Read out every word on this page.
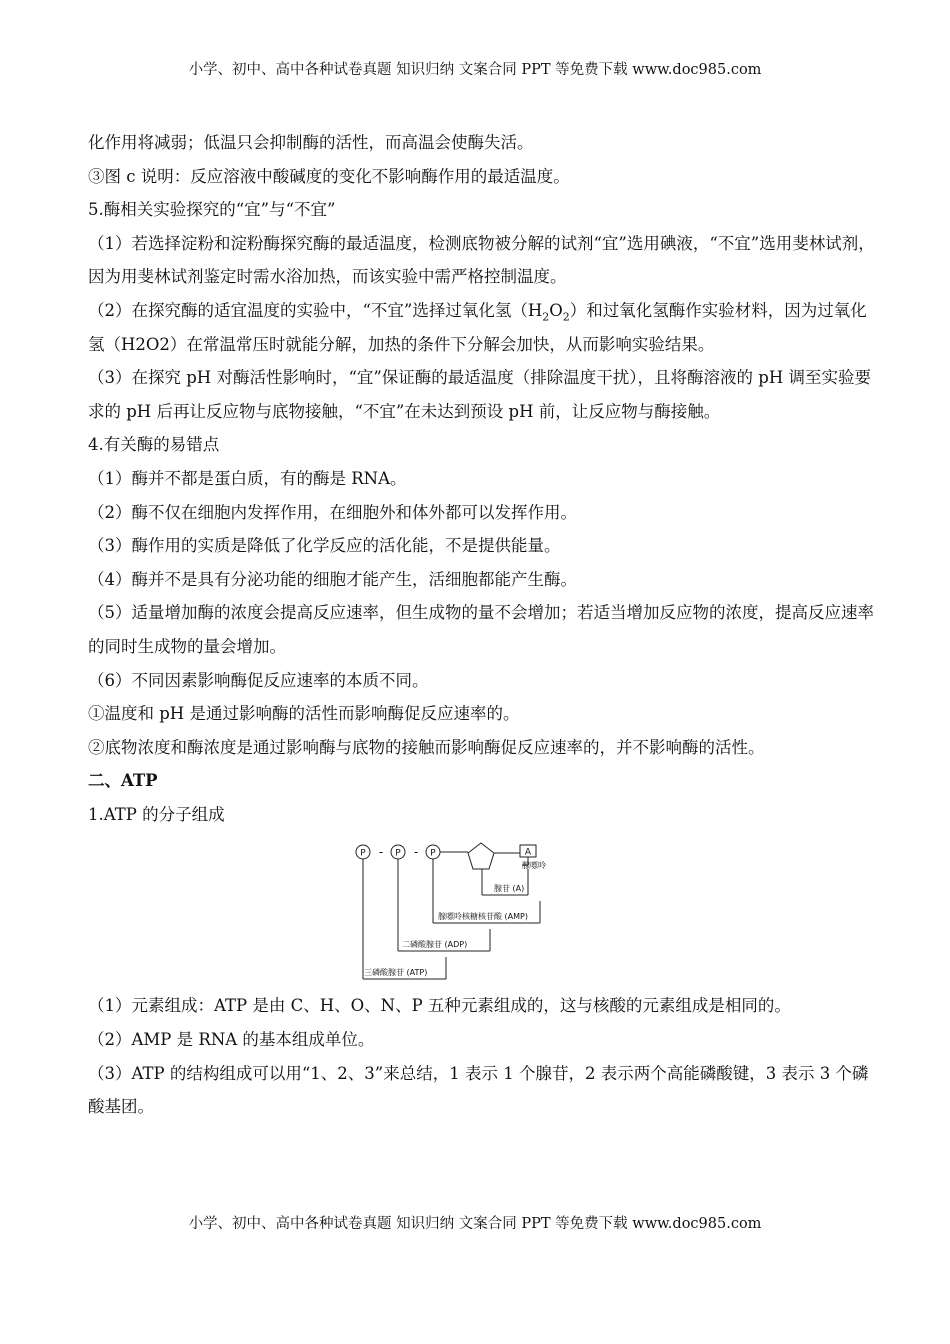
小学、初中、高中各种试卷真题 知识归纳 文案合同 PPT 等免费下载 www.doc985.com

化作用将减弱；低温只会抑制酶的活性，而高温会使酶失活。

③图 c 说明：反应溶液中酸碱度的变化不影响酶作用的最适温度。

5.酶相关实验探究的“宜”与“不宜”

（1）若选择淀粉和淀粉酶探究酶的最适温度，检测底物被分解的试剂“宜”选用碘液，“不宜”选用斐林试剂，因为用斐林试剂鉴定时需水浴加热，而该实验中需严格控制温度。

（2）在探究酶的适宜温度的实验中，“不宜”选择过氧化氢$(H_2O_2)$和过氧化氢酶作实验材料，因为过氧化氢（H2O2）在常温常压时就能分解，加热的条件下分解会加快，从而影响实验结果。

（3）在探究 pH 对酶活性影响时，“宜”保证酶的最适温度（排除温度干扰），且将酶溶液的 pH 调至实验要求的 pH 后再让反应物与底物接触，“不宜”在未达到预设 pH 前，让反应物与酶接触。

4.有关酶的易错点

（1）酶并不都是蛋白质，有的酶是 RNA。

（2）酶不仅在细胞内发挥作用，在细胞外和体外都可以发挥作用。

（3）酶作用的实质是降低了化学反应的活化能，不是提供能量。

（4）酶并不是具有分泌功能的细胞才能产生，活细胞都能产生酶。

（5）适量增加酶的浓度会提高反应速率，但生成物的量不会增加；若适当增加反应物的浓度，提高反应速率的同时生成物的量会增加。

（6）不同因素影响酶促反应速率的本质不同。

①温度和 pH 是通过影响酶的活性而影响酶促反应速率的。

②底物浓度和酶浓度是通过影响酶与底物的接触而影响酶促反应速率的，并不影响酶的活性。

二、ATP

1.ATP 的分子组成

P	P	P
-	-	A
腺嘌呤
腺苷 (A)
腺嘌呤核糖核苷酸 (AMP)
二磷酸腺苷 (ADP)
三磷酸腺苷 (ATP)

（1）元素组成：ATP 是由 C、H、O、N、P 五种元素组成的，这与核酸的元素组成是相同的。

（2）AMP 是 RNA 的基本组成单位。

（3）ATP 的结构组成可以用“1、2、3”来总结，1 表示 1 个腺苷，2 表示两个高能磷酸键，3 表示 3 个磷酸基团。

小学、初中、高中各种试卷真题 知识归纳 文案合同 PPT 等免费下载 www.doc985.com
